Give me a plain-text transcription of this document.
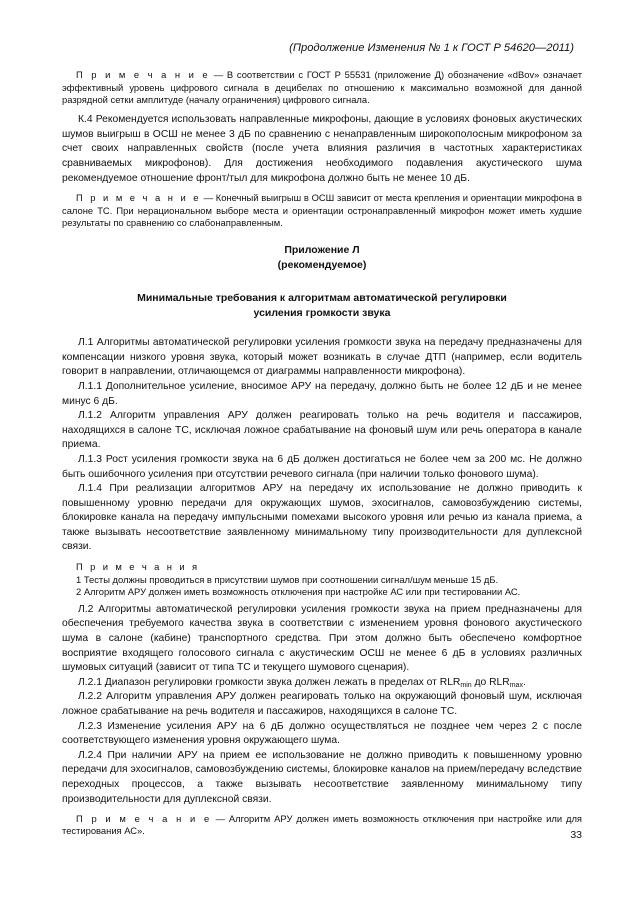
(Продолжение Изменения № 1 к ГОСТ Р 54620—2011)

П р и м е ч а н и е — В соответствии с ГОСТ Р 55531 (приложение Д) обозначение «dBov» означает эффективный уровень цифрового сигнала в децибелах по отношению к максимально возможной для данной разрядной сетки амплитуде (началу ограничения) цифрового сигнала.

К.4 Рекомендуется использовать направленные микрофоны, дающие в условиях фоновых акустических шумов выигрыш в ОСШ не менее 3 дБ по сравнению с ненаправленным широкополосным микрофоном за счет своих направленных свойств (после учета влияния различия в частотных характеристиках сравниваемых микрофонов). Для достижения необходимого подавления акустического шума рекомендуемое отношение фронт/тыл для микрофона должно быть не менее 10 дБ.

П р и м е ч а н и е — Конечный выигрыш в ОСШ зависит от места крепления и ориентации микрофона в салоне ТС. При нерациональном выборе места и ориентации остронаправленный микрофон может иметь худшие результаты по сравнению со слабонаправленным.

Приложение Л

(рекомендуемое)

Минимальные требования к алгоритмам автоматической регулировки

усиления громкости звука

Л.1 Алгоритмы автоматической регулировки усиления громкости звука на передачу предназначены для компенсации низкого уровня звука, который может возникать в случае ДТП (например, если водитель говорит в направлении, отличающемся от диаграммы направленности микрофона).

Л.1.1 Дополнительное усиление, вносимое АРУ на передачу, должно быть не более 12 дБ и не менее минус 6 дБ.

Л.1.2 Алгоритм управления АРУ должен реагировать только на речь водителя и пассажиров, находящихся в салоне ТС, исключая ложное срабатывание на фоновый шум или речь оператора в канале приема.

Л.1.3 Рост усиления громкости звука на 6 дБ должен достигаться не более чем за 200 мс. Не должно быть ошибочного усиления при отсутствии речевого сигнала (при наличии только фонового шума).

Л.1.4 При реализации алгоритмов АРУ на передачу их использование не должно приводить к повышенному уровню передачи для окружающих шумов, эхосигналов, самовозбуждению системы, блокировке канала на передачу импульсными помехами высокого уровня или речью из канала приема, а также вызывать несоответствие заявленному минимальному типу производительности для дуплексной связи.

П р и м е ч а н и я
1 Тесты должны проводиться в присутствии шумов при соотношении сигнал/шум меньше 15 дБ.
2 Алгоритм АРУ должен иметь возможность отключения при настройке АС или при тестировании АС.

Л.2 Алгоритмы автоматической регулировки усиления громкости звука на прием предназначены для обеспечения требуемого качества звука в соответствии с изменением уровня фонового акустического шума в салоне (кабине) транспортного средства. При этом должно быть обеспечено комфортное восприятие входящего голосового сигнала с акустическим ОСШ не менее 6 дБ в условиях различных шумовых ситуаций (зависит от типа ТС и текущего шумового сценария).

Л.2.1 Диапазон регулировки громкости звука должен лежать в пределах от $RLR_{min}$ до $RLR_{max}$.

Л.2.2 Алгоритм управления АРУ должен реагировать только на окружающий фоновый шум, исключая ложное срабатывание на речь водителя и пассажиров, находящихся в салоне ТС.

Л.2.3 Изменение усиления АРУ на 6 дБ должно осуществляться не позднее чем через 2 с после соответствующего изменения уровня окружающего шума.

Л.2.4 При наличии АРУ на прием ее использование не должно приводить к повышенному уровню передачи для эхосигналов, самовозбуждению системы, блокировке каналов на прием/передачу вследствие переходных процессов, а также вызывать несоответствие заявленному минимальному типу производительности для дуплексной связи.

П р и м е ч а н и е — Алгоритм АРУ должен иметь возможность отключения при настройке или для тестирования АС».	33
